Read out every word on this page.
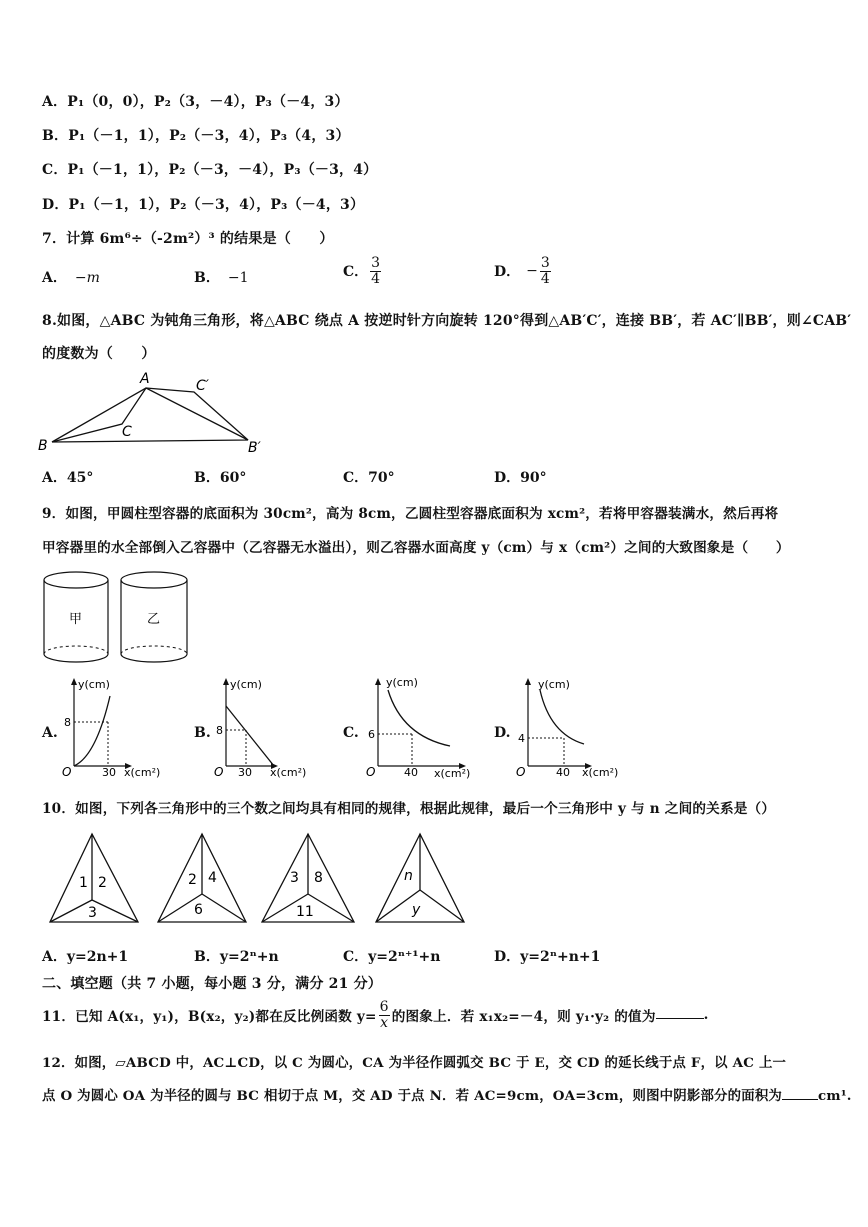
A．P₁（0，0），P₂（3，－4），P₃（－4，3）
B．P₁（－1，1），P₂（－3，4），P₃（4，3）
C．P₁（－1，1），P₂（－3，－4），P₃（－3，4）
D．P₁（－1，1），P₂（－3，4），P₃（－4，3）
7．计算 6m⁶÷（-2m²）³ 的结果是（　　）
A． −m	B． −1	C． $\frac{3}{4}$	D． − $\frac{3}{4}$
8.如图，△ABC 为钝角三角形，将△ABC 绕点 A 按逆时针方向旋转 120°得到△AB′C′，连接 BB′，若 AC′∥BB′，则∠CAB′
的度数为（　　）
A
B
C
C′
B′
A．45°	B．60°	C．70°	D．90°
9．如图，甲圆柱型容器的底面积为 30cm²，高为 8cm，乙圆柱型容器底面积为 xcm²，若将甲容器装满水，然后再将
甲容器里的水全部倒入乙容器中（乙容器无水溢出），则乙容器水面高度 y（cm）与 x（cm²）之间的大致图象是（　　）
甲	乙
A.
y(cm)
8
30 x(cm²)
O
B.
y(cm)
8
30 x(cm²)
O
C.
y(cm)
6
40 x(cm²)
O
D.
y(cm)
4
40 x(cm²)
O
10．如图，下列各三角形中的三个数之间均具有相同的规律，根据此规律，最后一个三角形中 y 与 n 之间的关系是（）
1 2
3
2 4
6
3 8
11
n
y
A．y=2n+1	B．y=2ⁿ+n	C．y=2ⁿ⁺¹+n	D．y=2ⁿ+n+1
二、填空题（共 7 小题，每小题 3 分，满分 21 分）
11．已知 A(x₁，y₁)，B(x₂，y₂)都在反比例函数 $y= \frac{6}{x}$ 的图象上．若 x₁x₂=－4，则 y₁·y₂ 的值为	.
12．如图，▱ABCD 中，AC⊥CD，以 C 为圆心，CA 为半径作圆弧交 BC 于 E，交 CD 的延长线于点 F，以 AC 上一
点 O 为圆心 OA 为半径的圆与 BC 相切于点 M，交 AD 于点 N．若 AC=9cm，OA=3cm，则图中阴影部分的面积为	cm¹.
